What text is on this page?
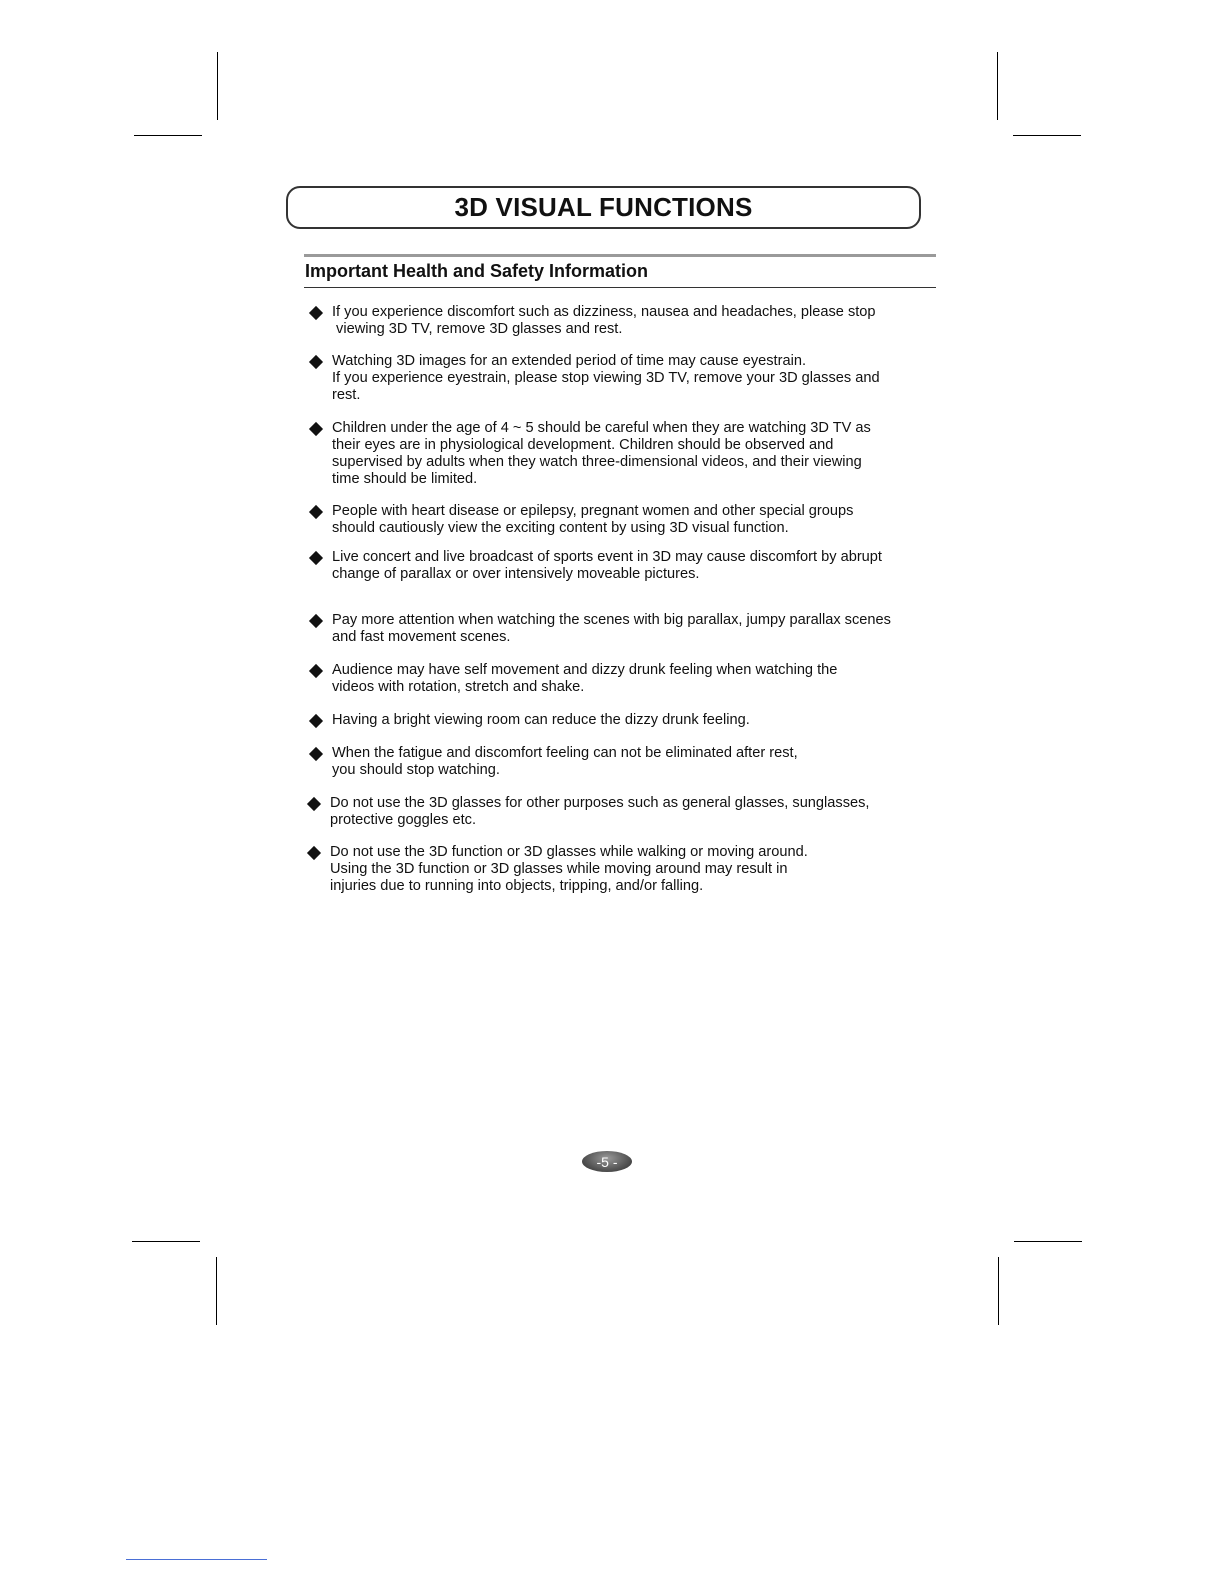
3D VISUAL FUNCTIONS
Important Health and Safety Information
If you experience discomfort such as dizziness, nausea and headaches, please stop
viewing 3D TV, remove 3D glasses and rest.
Watching 3D images for an extended period of time may cause eyestrain.
If you experience eyestrain, please stop viewing 3D TV, remove your 3D glasses and
rest.
Children under the age of 4 ~ 5 should be careful when they are watching 3D TV as
their eyes are in physiological development. Children should be observed and
supervised by adults when they watch three-dimensional videos, and their viewing
time should be limited.
People with heart disease or epilepsy, pregnant women and other special groups
should cautiously view the exciting content by using 3D visual function.
Live concert and live broadcast of sports event in 3D may cause discomfort by abrupt
change of parallax or over intensively moveable pictures.
Pay more attention when watching the scenes with big parallax, jumpy parallax scenes
and fast movement scenes.
Audience may have self movement and dizzy drunk feeling when watching the
videos with rotation, stretch and shake.
Having a bright viewing room can reduce the dizzy drunk feeling.
When the fatigue and discomfort feeling can not be eliminated after rest,
you should stop watching.
Do not use the 3D glasses for other purposes such as general glasses, sunglasses,
protective goggles etc.
Do not use the 3D function or 3D glasses while walking or moving around.
Using the 3D function or 3D glasses while moving around may result in
injuries due to running into objects, tripping, and/or falling.
-5 -
